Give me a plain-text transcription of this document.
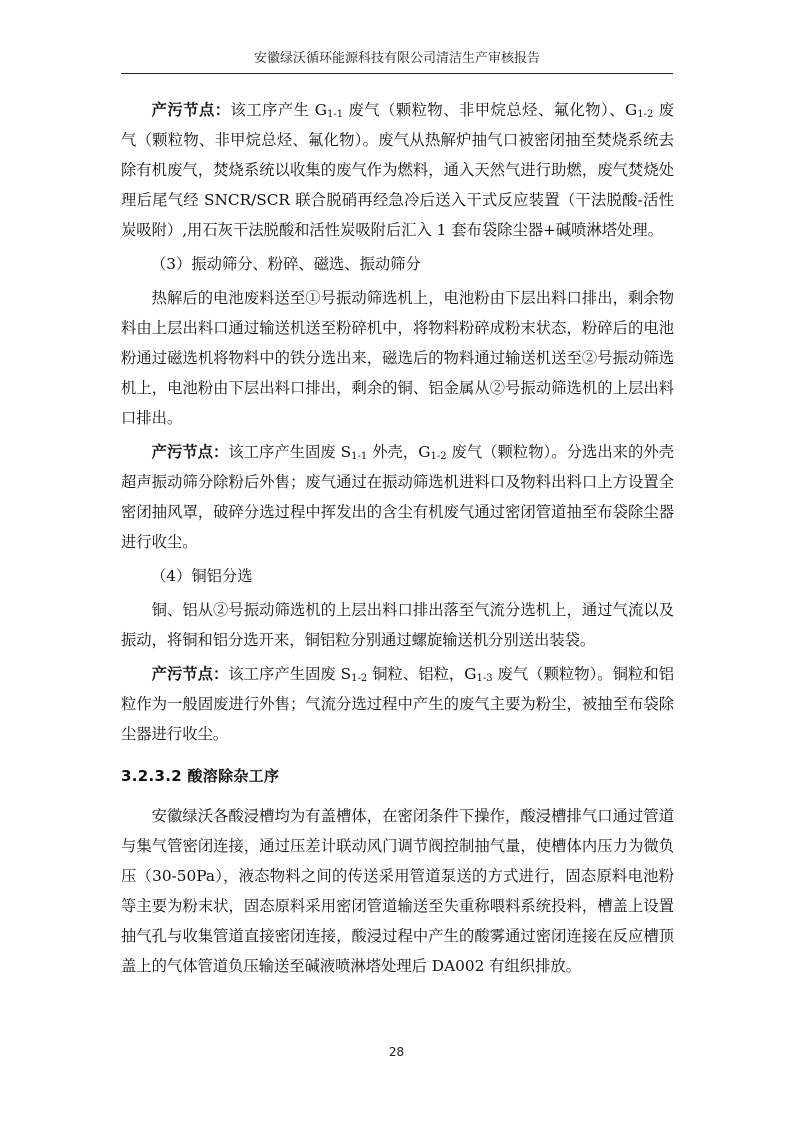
安徽绿沃循环能源科技有限公司清洁生产审核报告

产污节点：该工序产生 $G_{1-1}$ 废气（颗粒物、非甲烷总烃、氟化物）、$G_{1-2}$ 废气（颗粒物、非甲烷总烃、氟化物）。废气从热解炉抽气口被密闭抽至焚烧系统去除有机废气，焚烧系统以收集的废气作为燃料，通入天然气进行助燃，废气焚烧处理后尾气经 SNCR/SCR 联合脱硝再经急冷后送入干式反应装置（干法脱酸-活性炭吸附）,用石灰干法脱酸和活性炭吸附后汇入 1 套布袋除尘器+碱喷淋塔处理。

（3）振动筛分、粉碎、磁选、振动筛分

热解后的电池废料送至①号振动筛选机上，电池粉由下层出料口排出，剩余物料由上层出料口通过输送机送至粉碎机中，将物料粉碎成粉末状态，粉碎后的电池粉通过磁选机将物料中的铁分选出来，磁选后的物料通过输送机送至②号振动筛选机上，电池粉由下层出料口排出，剩余的铜、铝金属从②号振动筛选机的上层出料口排出。

产污节点：该工序产生固废 $S_{1-1}$ 外壳，$G_{1-2}$ 废气（颗粒物）。分选出来的外壳超声振动筛分除粉后外售；废气通过在振动筛选机进料口及物料出料口上方设置全密闭抽风罩，破碎分选过程中挥发出的含尘有机废气通过密闭管道抽至布袋除尘器进行收尘。

（4）铜铝分选

铜、铝从②号振动筛选机的上层出料口排出落至气流分选机上，通过气流以及振动，将铜和铝分选开来，铜铝粒分别通过螺旋输送机分别送出装袋。

产污节点：该工序产生固废 $S_{1-2}$ 铜粒、铝粒，$G_{1-3}$ 废气（颗粒物）。铜粒和铝粒作为一般固废进行外售；气流分选过程中产生的废气主要为粉尘，被抽至布袋除尘器进行收尘。

3.2.3.2 酸溶除杂工序

安徽绿沃各酸浸槽均为有盖槽体，在密闭条件下操作，酸浸槽排气口通过管道与集气管密闭连接，通过压差计联动风门调节阀控制抽气量，使槽体内压力为微负压（30-50Pa），液态物料之间的传送采用管道泵送的方式进行，固态原料电池粉等主要为粉末状，固态原料采用密闭管道输送至失重称喂料系统投料，槽盖上设置抽气孔与收集管道直接密闭连接，酸浸过程中产生的酸雾通过密闭连接在反应槽顶盖上的气体管道负压输送至碱液喷淋塔处理后 DA002 有组织排放。

28
